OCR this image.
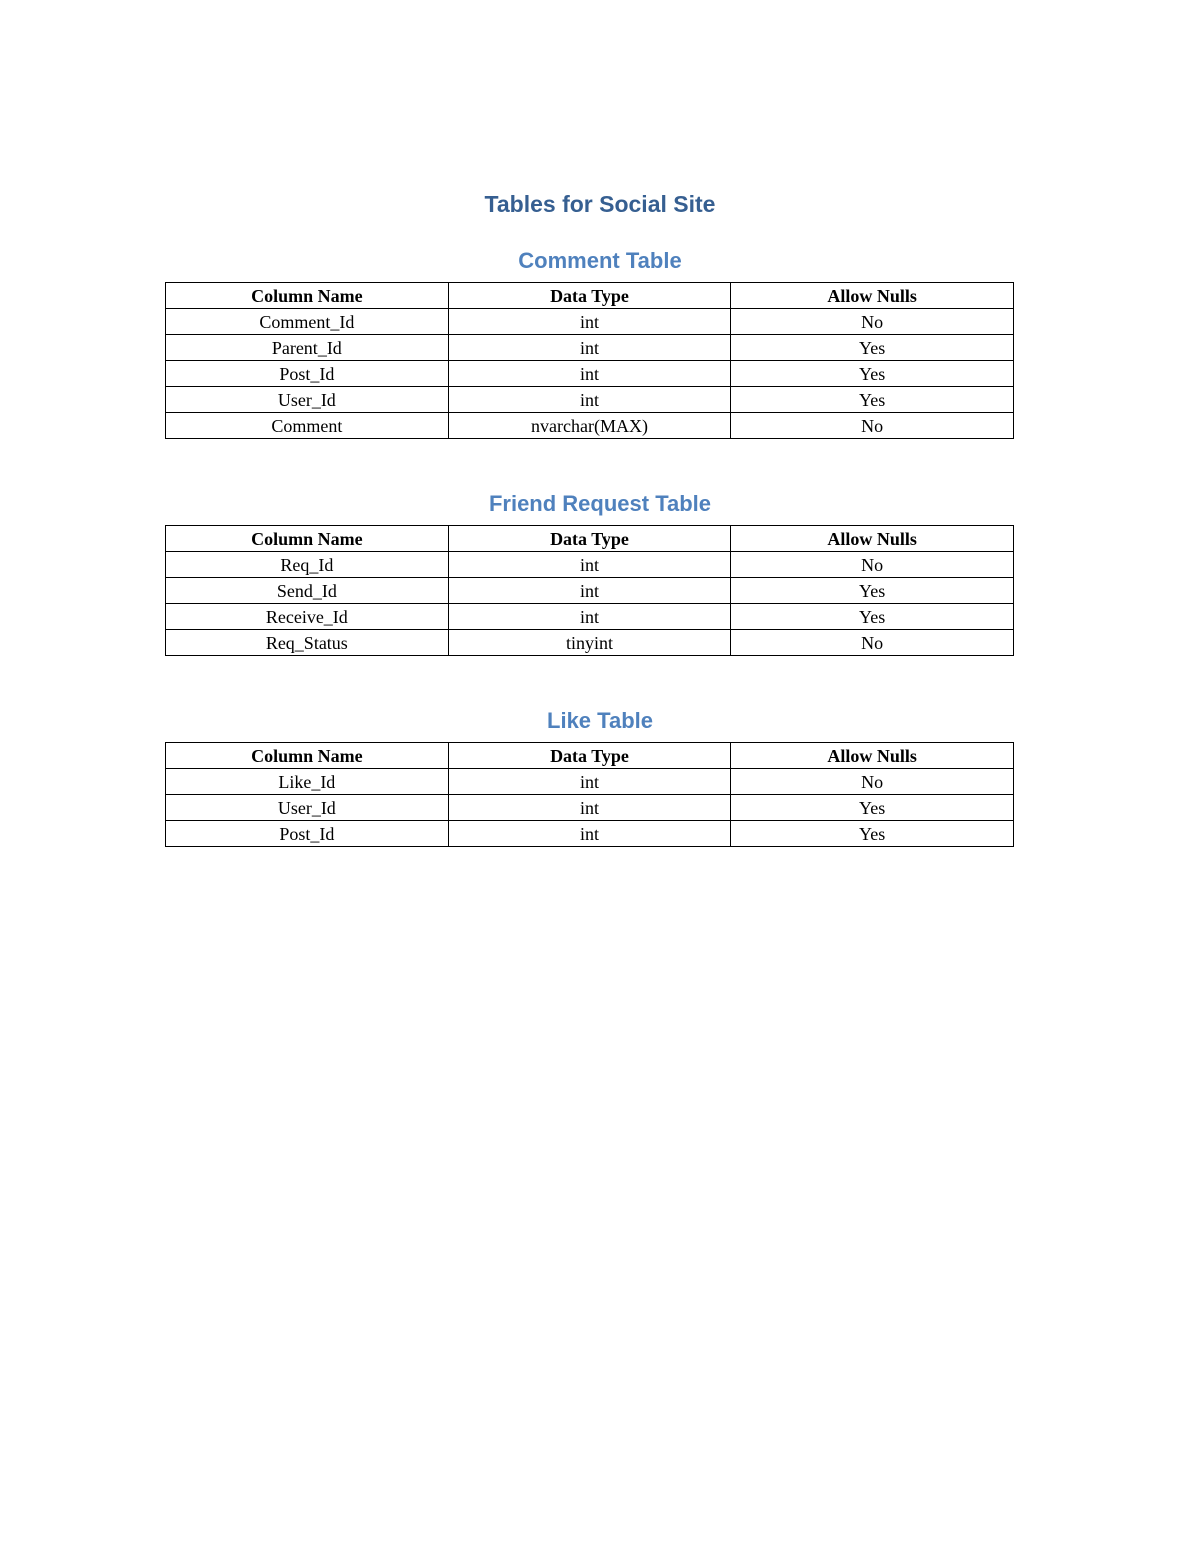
Tables for Social Site
Comment Table
Column Name	Data Type	Allow Nulls
Comment_Id	int	No
Parent_Id	int	Yes
Post_Id	int	Yes
User_Id	int	Yes
Comment	nvarchar(MAX)	No
Friend Request Table
Column Name	Data Type	Allow Nulls
Req_Id	int	No
Send_Id	int	Yes
Receive_Id	int	Yes
Req_Status	tinyint	No
Like Table
Column Name	Data Type	Allow Nulls
Like_Id	int	No
User_Id	int	Yes
Post_Id	int	Yes
